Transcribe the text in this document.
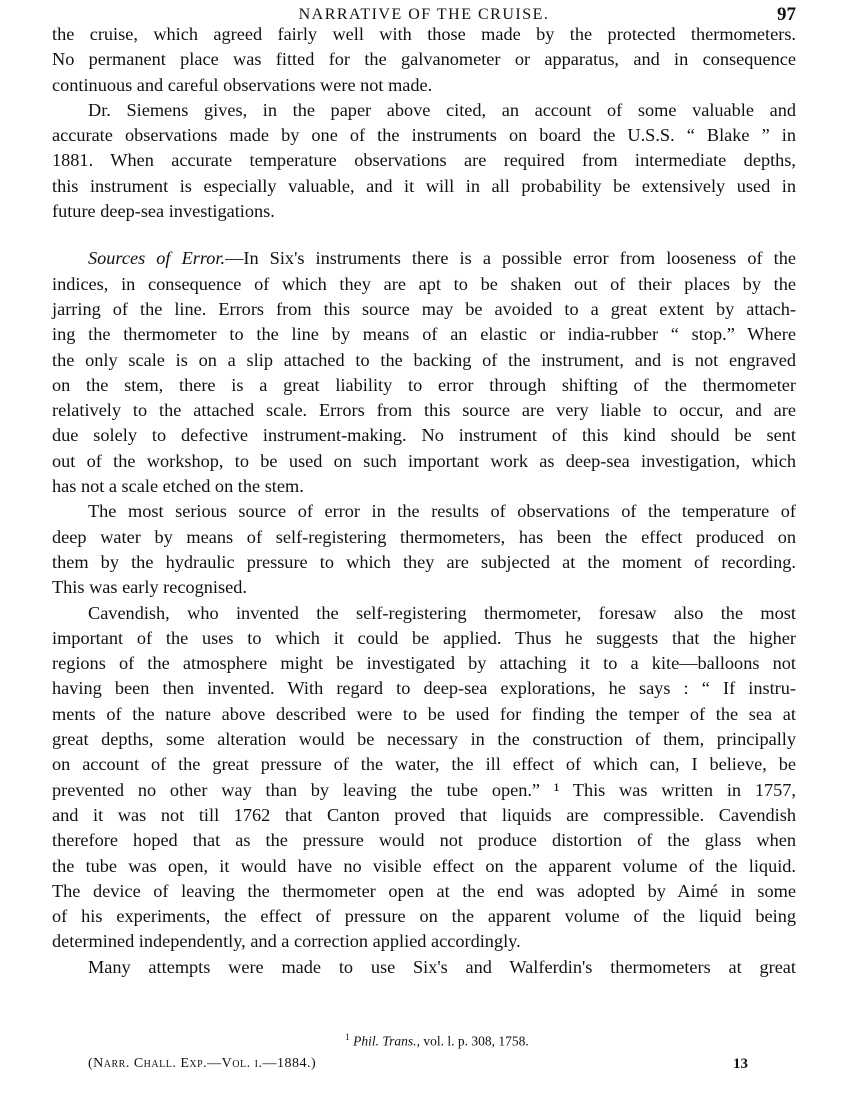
NARRATIVE OF THE CRUISE.	97
the cruise, which agreed fairly well with those made by the protected thermometers.
No permanent place was fitted for the galvanometer or apparatus, and in consequence
continuous and careful observations were not made.
Dr. Siemens gives, in the paper above cited, an account of some valuable and
accurate observations made by one of the instruments on board the U.S.S. “ Blake ” in
1881. When accurate temperature observations are required from intermediate depths,
this instrument is especially valuable, and it will in all probability be extensively used in
future deep-sea investigations.
Sources of Error.—In Six's instruments there is a possible error from looseness of the
indices, in consequence of which they are apt to be shaken out of their places by the
jarring of the line. Errors from this source may be avoided to a great extent by attach-
ing the thermometer to the line by means of an elastic or india-rubber “ stop.” Where
the only scale is on a slip attached to the backing of the instrument, and is not engraved
on the stem, there is a great liability to error through shifting of the thermometer
relatively to the attached scale. Errors from this source are very liable to occur, and are
due solely to defective instrument-making. No instrument of this kind should be sent
out of the workshop, to be used on such important work as deep-sea investigation, which
has not a scale etched on the stem.
The most serious source of error in the results of observations of the temperature of
deep water by means of self-registering thermometers, has been the effect produced on
them by the hydraulic pressure to which they are subjected at the moment of recording.
This was early recognised.
Cavendish, who invented the self-registering thermometer, foresaw also the most
important of the uses to which it could be applied. Thus he suggests that the higher
regions of the atmosphere might be investigated by attaching it to a kite—balloons not
having been then invented. With regard to deep-sea explorations, he says : “ If instru-
ments of the nature above described were to be used for finding the temper of the sea at
great depths, some alteration would be necessary in the construction of them, principally
on account of the great pressure of the water, the ill effect of which can, I believe, be
prevented no other way than by leaving the tube open.” ¹ This was written in 1757,
and it was not till 1762 that Canton proved that liquids are compressible. Cavendish
therefore hoped that as the pressure would not produce distortion of the glass when
the tube was open, it would have no visible effect on the apparent volume of the liquid.
The device of leaving the thermometer open at the end was adopted by Aimé in some
of his experiments, the effect of pressure on the apparent volume of the liquid being
determined independently, and a correction applied accordingly.
Many attempts were made to use Six's and Walferdin's thermometers at great
$^1$ Phil. Trans., vol. l. p. 308, 1758.
(Narr. Chall. Exp.—Vol. i.—1884.)	13
